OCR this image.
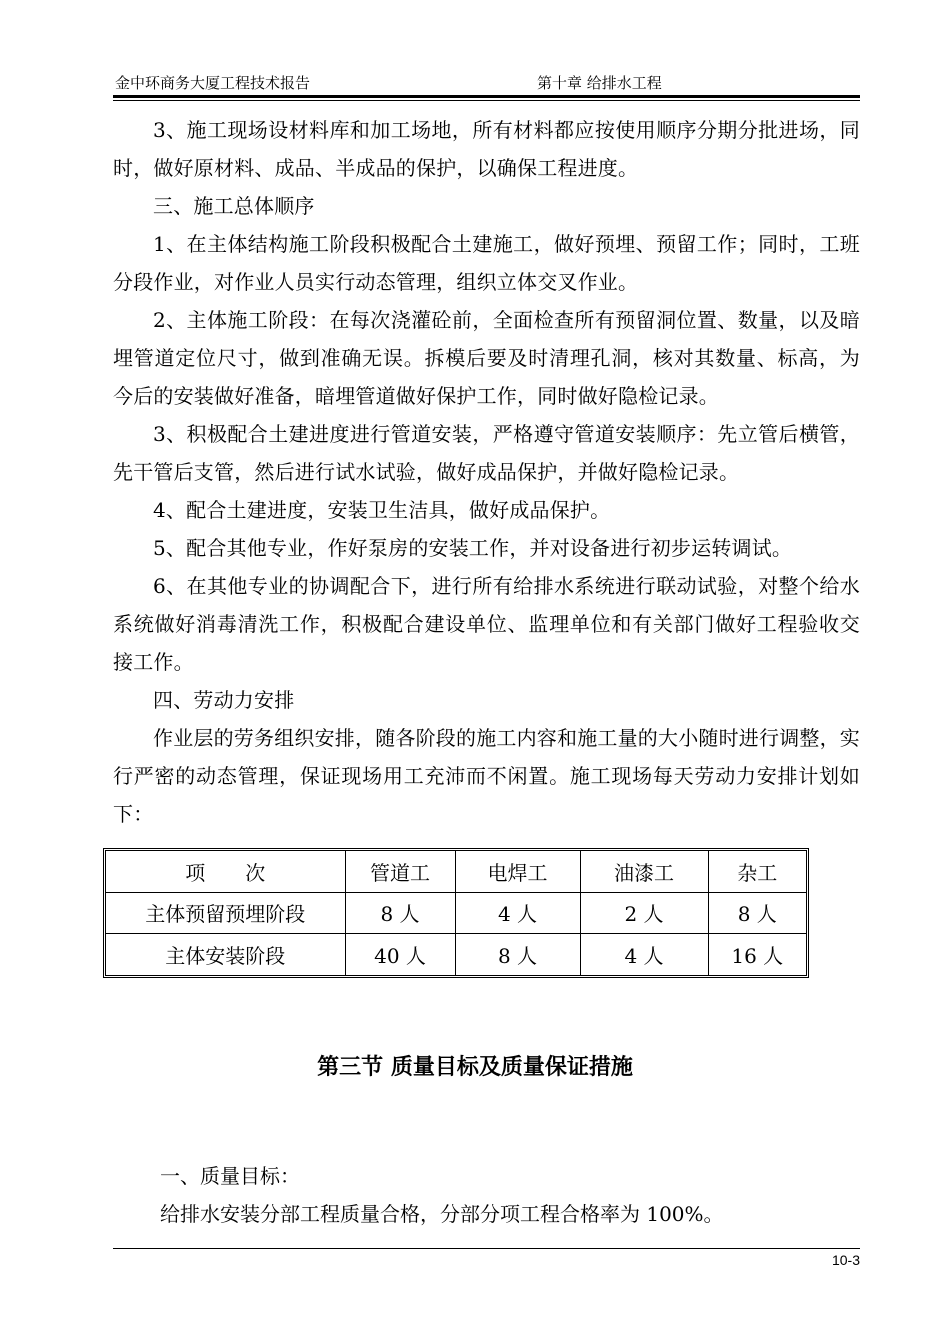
金中环商务大厦工程技术报告	第十章 给排水工程

3、施工现场设材料库和加工场地，所有材料都应按使用顺序分期分批进场，同时，做好原材料、成品、半成品的保护，以确保工程进度。

三、施工总体顺序

1、在主体结构施工阶段积极配合土建施工，做好预埋、预留工作；同时，工班分段作业，对作业人员实行动态管理，组织立体交叉作业。

2、主体施工阶段：在每次浇灌砼前，全面检查所有预留洞位置、数量，以及暗埋管道定位尺寸，做到准确无误。拆模后要及时清理孔洞，核对其数量、标高，为今后的安装做好准备，暗埋管道做好保护工作，同时做好隐检记录。

3、积极配合土建进度进行管道安装，严格遵守管道安装顺序：先立管后横管，先干管后支管，然后进行试水试验，做好成品保护，并做好隐检记录。

4、配合土建进度，安装卫生洁具，做好成品保护。

5、配合其他专业，作好泵房的安装工作，并对设备进行初步运转调试。

6、在其他专业的协调配合下，进行所有给排水系统进行联动试验，对整个给水系统做好消毒清洗工作，积极配合建设单位、监理单位和有关部门做好工程验收交接工作。

四、劳动力安排

作业层的劳务组织安排，随各阶段的施工内容和施工量的大小随时进行调整，实行严密的动态管理，保证现场用工充沛而不闲置。施工现场每天劳动力安排计划如下：

项　　次	管道工	电焊工	油漆工	杂工
主体预留预埋阶段	8 人	4 人	2 人	8 人
主体安装阶段	40 人	8 人	4 人	16 人
第三节 质量目标及质量保证措施
一、质量目标：
给排水安装分部工程质量合格，分部分项工程合格率为 100%。
10-3
